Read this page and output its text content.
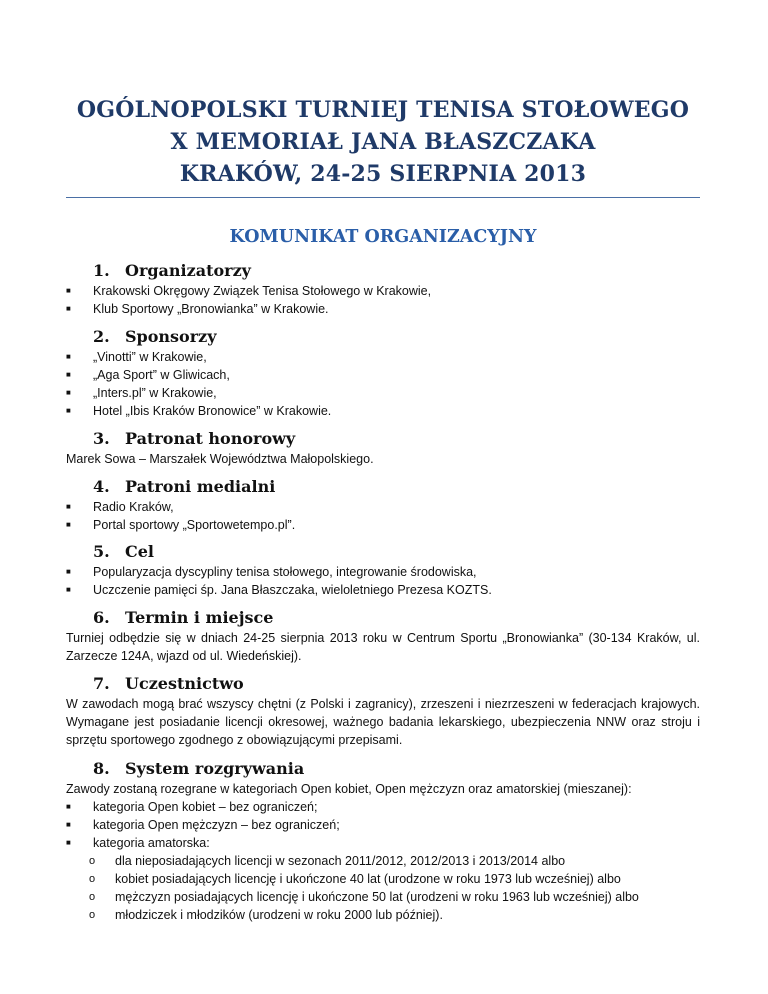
OGÓLNOPOLSKI TURNIEJ TENISA STOŁOWEGO
X MEMORIAŁ JANA BŁASZCZAKA
KRAKÓW, 24-25 SIERPNIA 2013
KOMUNIKAT ORGANIZACYJNY
1. Organizatorzy
■	Krakowski Okręgowy Związek Tenisa Stołowego w Krakowie,
■	Klub Sportowy „Bronowianka” w Krakowie.
2. Sponsorzy
■	„Vinotti” w Krakowie,
■	„Aga Sport” w Gliwicach,
■	„Inters.pl” w Krakowie,
■	Hotel „Ibis Kraków Bronowice” w Krakowie.
3. Patronat honorowy
Marek Sowa – Marszałek Województwa Małopolskiego.
4. Patroni medialni
■	Radio Kraków,
■	Portal sportowy „Sportowetempo.pl”.
5. Cel
■	Popularyzacja dyscypliny tenisa stołowego, integrowanie środowiska,
■	Uczczenie pamięci śp. Jana Błaszczaka, wieloletniego Prezesa KOZTS.
6. Termin i miejsce
Turniej odbędzie się w dniach 24-25 sierpnia 2013 roku w Centrum Sportu „Bronowianka” (30-134 Kraków, ul. Zarzecze 124A, wjazd od ul. Wiedeńskiej).
7. Uczestnictwo
W zawodach mogą brać wszyscy chętni (z Polski i zagranicy), zrzeszeni i niezrzeszeni w federacjach krajowych. Wymagane jest posiadanie licencji okresowej, ważnego badania lekarskiego, ubezpieczenia NNW oraz stroju i sprzętu sportowego zgodnego z obowiązującymi przepisami.
8. System rozgrywania
Zawody zostaną rozegrane w kategoriach Open kobiet, Open mężczyzn oraz amatorskiej (mieszanej):
■	kategoria Open kobiet – bez ograniczeń;
■	kategoria Open mężczyzn – bez ograniczeń;
■	kategoria amatorska:
o dla nieposiadających licencji w sezonach 2011/2012, 2012/2013 i 2013/2014 albo
o kobiet posiadających licencję i ukończone 40 lat (urodzone w roku 1973 lub wcześniej) albo
o mężczyzn posiadających licencję i ukończone 50 lat (urodzeni w roku 1963 lub wcześniej) albo
o młodziczek i młodzików (urodzeni w roku 2000 lub później).
